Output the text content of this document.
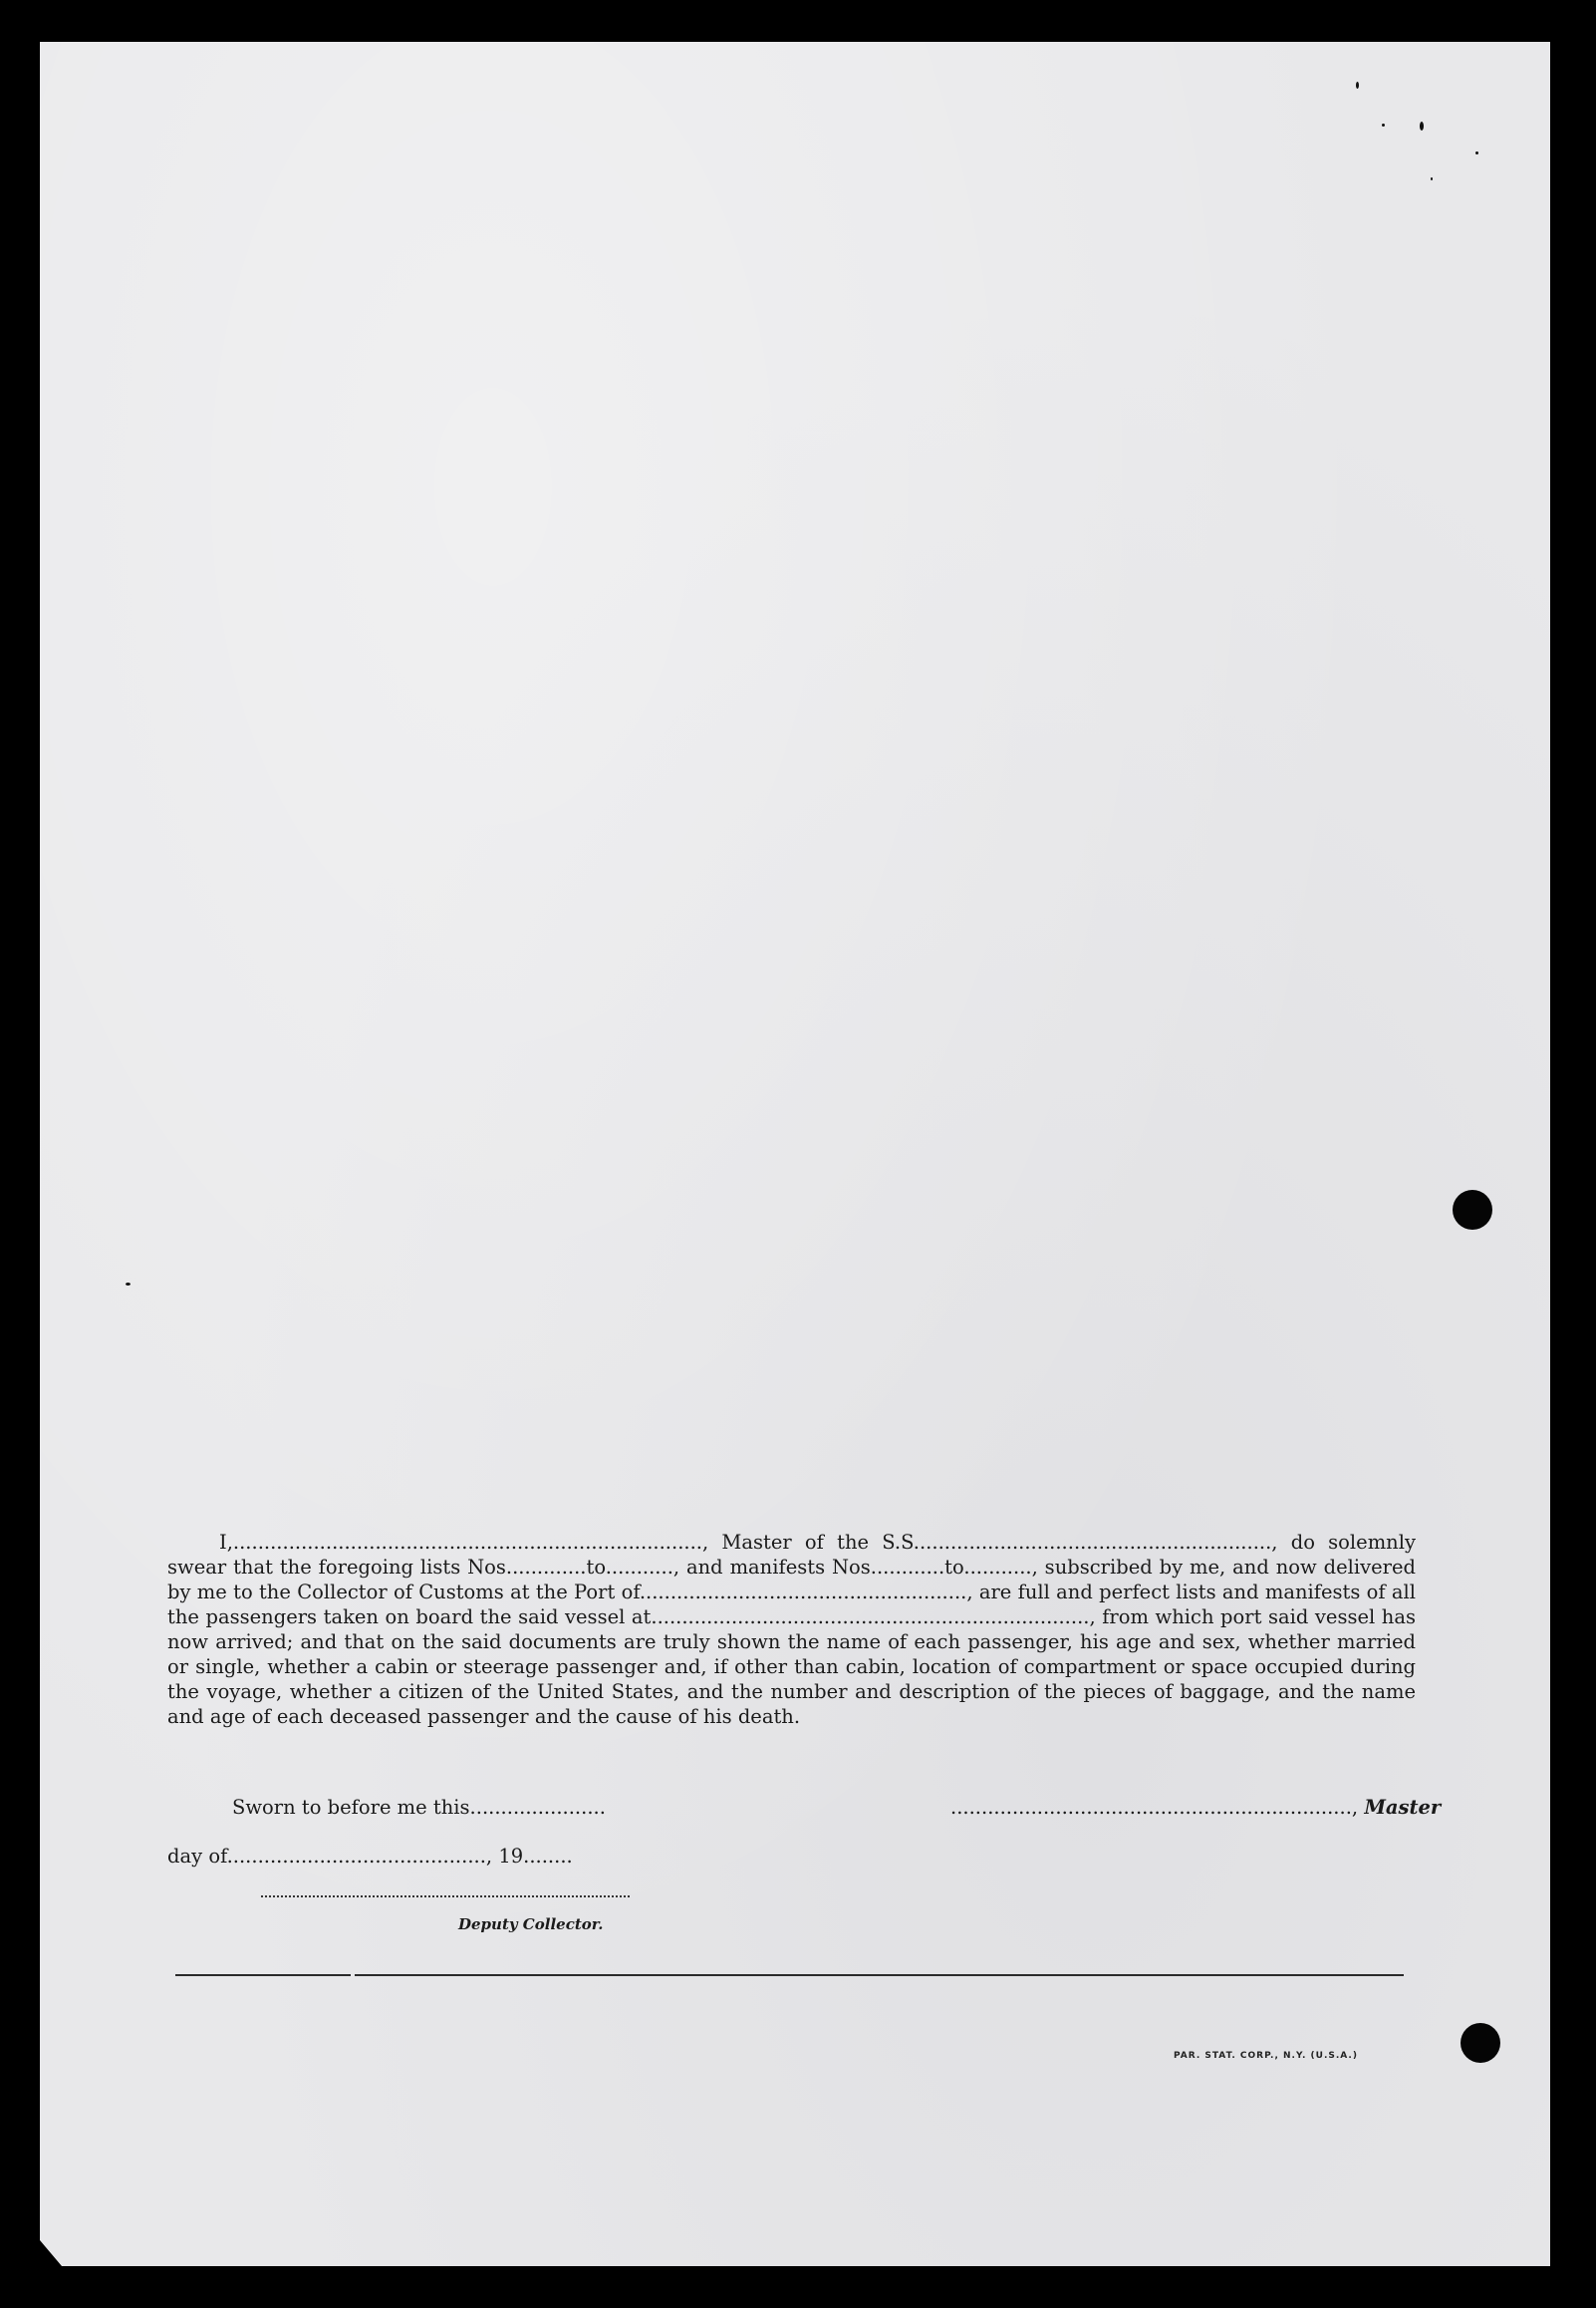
I,............................................................................, Master of the S.S.........................................................., do solemnly swear that the foregoing lists Nos.............to..........., and manifests Nos............to..........., subscribed by me, and now delivered by me to the Collector of Customs at the Port of....................................................., are full and perfect lists and manifests of all the passengers taken on board the said vessel at......................................................................., from which port said vessel has now arrived; and that on the said documents are truly shown the name of each passenger, his age and sex, whether married or single, whether a cabin or steerage passenger and, if other than cabin, location of compartment or space occupied during the voyage, whether a citizen of the United States, and the number and description of the pieces of baggage, and the name and age of each deceased passenger and the cause of his death.

Sworn to before me this......................	................................................................., Master
day of.........................................., 19........
Deputy Collector.
PAR. STAT. CORP., N.Y. (U.S.A.)
